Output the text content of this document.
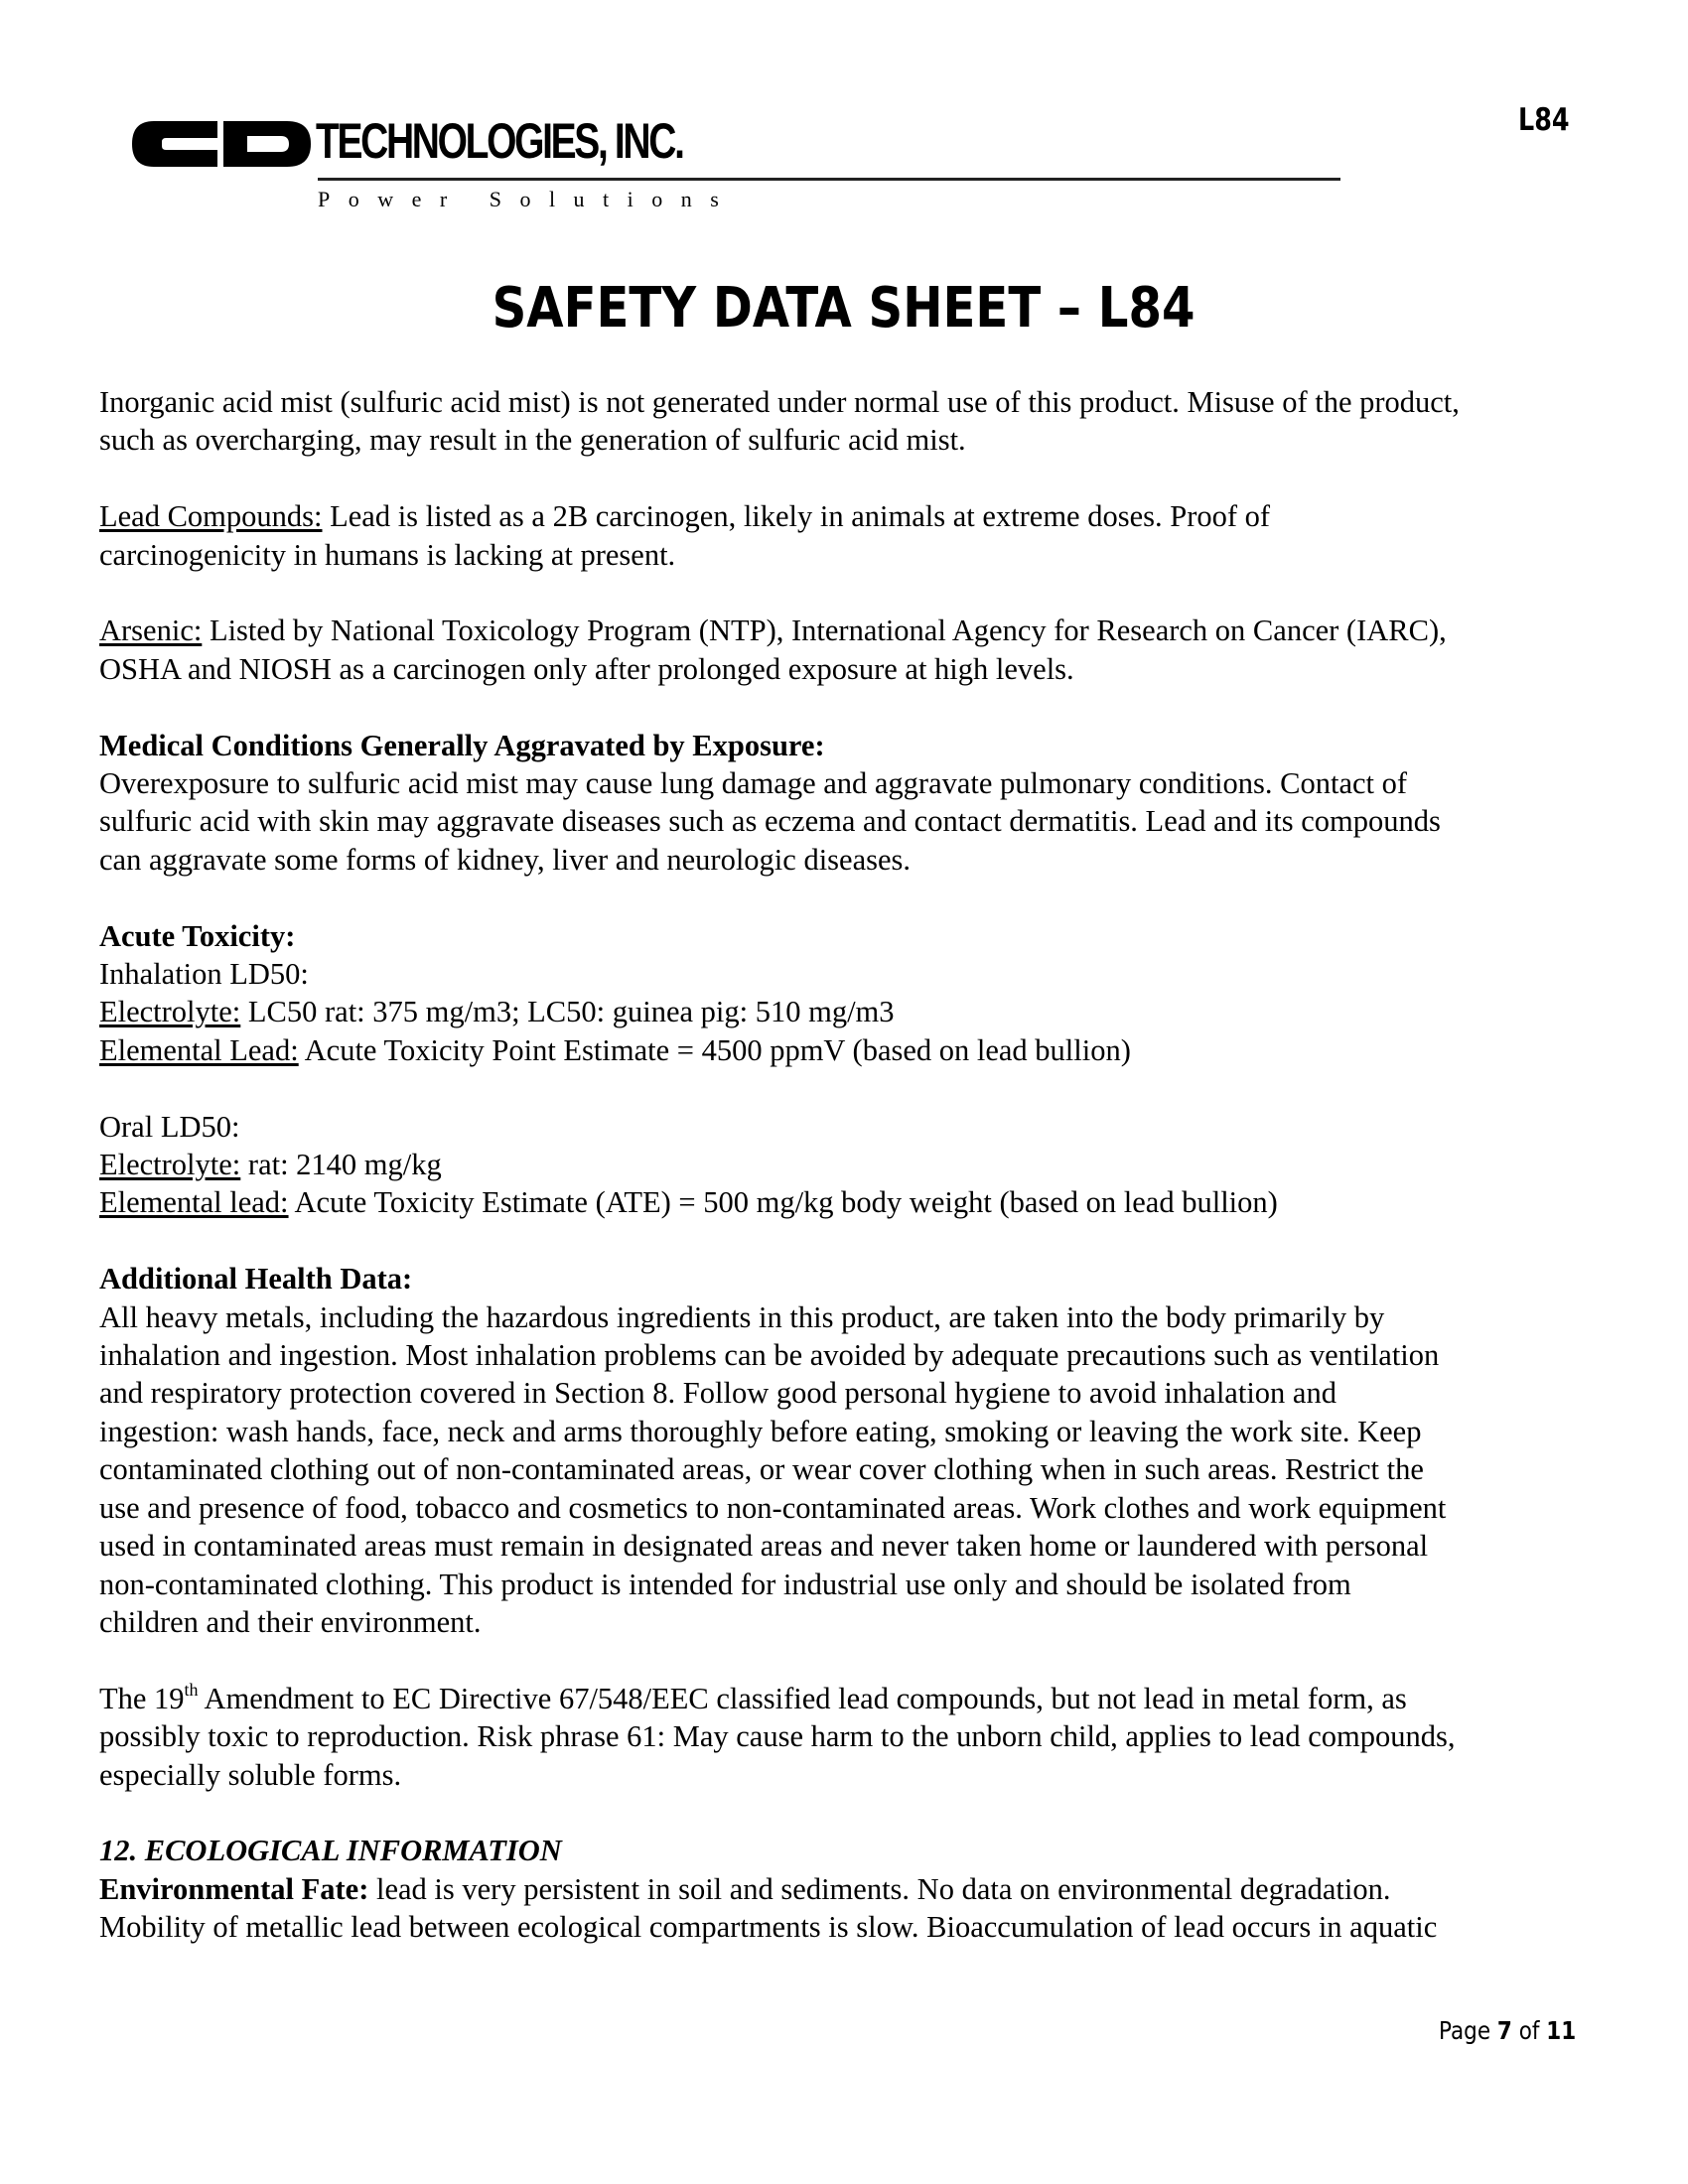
& TECHNOLOGIES, INC.
Power Solutions
L84
SAFETY DATA SHEET – L84

Inorganic acid mist (sulfuric acid mist) is not generated under normal use of this product. Misuse of the product,
such as overcharging, may result in the generation of sulfuric acid mist.

Lead Compounds: Lead is listed as a 2B carcinogen, likely in animals at extreme doses. Proof of
carcinogenicity in humans is lacking at present.

Arsenic: Listed by National Toxicology Program (NTP), International Agency for Research on Cancer (IARC),
OSHA and NIOSH as a carcinogen only after prolonged exposure at high levels.

Medical Conditions Generally Aggravated by Exposure:
Overexposure to sulfuric acid mist may cause lung damage and aggravate pulmonary conditions. Contact of
sulfuric acid with skin may aggravate diseases such as eczema and contact dermatitis. Lead and its compounds
can aggravate some forms of kidney, liver and neurologic diseases.

Acute Toxicity:
Inhalation LD50:
Electrolyte: LC50 rat: 375 mg/m3; LC50: guinea pig: 510 mg/m3
Elemental Lead: Acute Toxicity Point Estimate = 4500 ppmV (based on lead bullion)

Oral LD50:
Electrolyte: rat: 2140 mg/kg
Elemental lead: Acute Toxicity Estimate (ATE) = 500 mg/kg body weight (based on lead bullion)

Additional Health Data:
All heavy metals, including the hazardous ingredients in this product, are taken into the body primarily by
inhalation and ingestion. Most inhalation problems can be avoided by adequate precautions such as ventilation
and respiratory protection covered in Section 8. Follow good personal hygiene to avoid inhalation and
ingestion: wash hands, face, neck and arms thoroughly before eating, smoking or leaving the work site. Keep
contaminated clothing out of non-contaminated areas, or wear cover clothing when in such areas. Restrict the
use and presence of food, tobacco and cosmetics to non-contaminated areas. Work clothes and work equipment
used in contaminated areas must remain in designated areas and never taken home or laundered with personal
non-contaminated clothing. This product is intended for industrial use only and should be isolated from
children and their environment.

The 19th Amendment to EC Directive 67/548/EEC classified lead compounds, but not lead in metal form, as
possibly toxic to reproduction. Risk phrase 61: May cause harm to the unborn child, applies to lead compounds,
especially soluble forms.

12. ECOLOGICAL INFORMATION
Environmental Fate: lead is very persistent in soil and sediments. No data on environmental degradation.
Mobility of metallic lead between ecological compartments is slow. Bioaccumulation of lead occurs in aquatic

Page 7 of 11
